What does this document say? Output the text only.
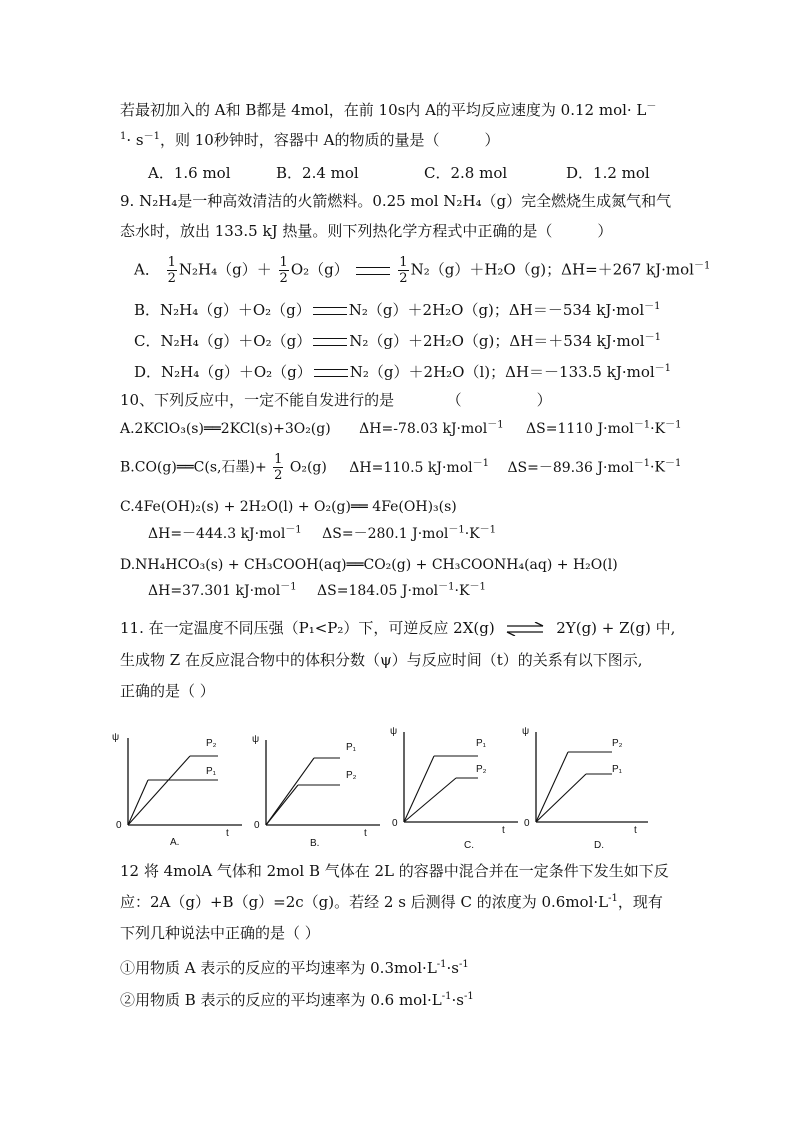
若最初加入的 A和 B都是 4mol，在前 10s内 A的平均反应速度为 0.12 mol· L－
$^1\cdot s^{-1}$，则 10秒钟时，容器中 A的物质的量是（　　　）
A．1.6 mol	B．2.4 mol	C．2.8 mol	D．1.2 mol
9. N₂H₄是一种高效清洁的火箭燃料。0.25 mol N₂H₄（g）完全燃烧生成氮气和气
态水时，放出 133.5 kJ 热量。则下列热化学方程式中正确的是（　　　）
A． $\frac{1}{2} N_2H_4(g)+ \frac{1}{2} O_2(g)$	$\frac{1}{2} N_2(g)+H_2O(g)$；ΔH=＋267 kJ·mol$^{-1}$
B．N₂H₄（g）＋O₂（g）	N₂（g）＋2H₂O（g)；ΔH＝－534 kJ·mol$^{-1}$
C．N₂H₄（g）＋O₂（g）	N₂（g）＋2H₂O（g)；ΔH＝＋534 kJ·mol$^{-1}$
D．N₂H₄（g）＋O₂（g）	N₂（g）＋2H₂O（l)；ΔH＝－133.5 kJ·mol$^{-1}$
10、下列反应中，一定不能自发进行的是　　　　（　　　　　）
A.2KClO₃(s)══2KCl(s)+3O₂(g) ΔH=-78.03 kJ·mol$^{-1}$ ΔS=1110 $J\cdot mol^{-1}\cdot K^{-1}$
B.CO(g)══C(s,石墨)+ $\frac{1}{2} O_2(g)$ ΔH=110.5 kJ·mol$^{-1}$ ΔS=－89.36 $J\cdot mol^{-1}\cdot K^{-1}$
C.4Fe(OH)₂(s) + 2H₂O(l) + O₂(g)══ 4Fe(OH)₃(s)
ΔH=－444.3 kJ·mol$^{-1}$ ΔS=－280.1 $J\cdot mol^{-1}\cdot K^{-1}$
D.NH₄HCO₃(s) + CH₃COOH(aq)══CO₂(g) + CH₃COONH₄(aq) + H₂O(l)
ΔH=37.301 kJ·mol$^{-1}$ ΔS=184.05 $J\cdot mol^{-1}\cdot K^{-1}$
11. 在一定温度不同压强（P₁<P₂）下，可逆反应 2X(g) ⇌ 2Y(g) + Z(g) 中,
生成物 Z 在反应混合物中的体积分数（ψ）与反应时间（t）的关系有以下图示,
正确的是（ ）
ψ
0
t
P₂
P₁
A.
ψ
0
t
P₁
P₂
B.
ψ
0
t
P₁
P₂
C.
ψ
0
t
P₂
P₁
D.
12 将 4molA 气体和 2mol B 气体在 2L 的容器中混合并在一定条件下发生如下反
应：2A（g）+B（g）=2c（g)。若经 2 s 后测得 C 的浓度为 $0.6mol\cdot L^{-1}$，现有
下列几种说法中正确的是（ ）
①用物质 A 表示的反应的平均速率为 $0.3mol\cdot L^{-1}\cdot s^{-1}$
②用物质 B 表示的反应的平均速率为 0.6 $mol\cdot L^{-1}\cdot s^{-1}$
